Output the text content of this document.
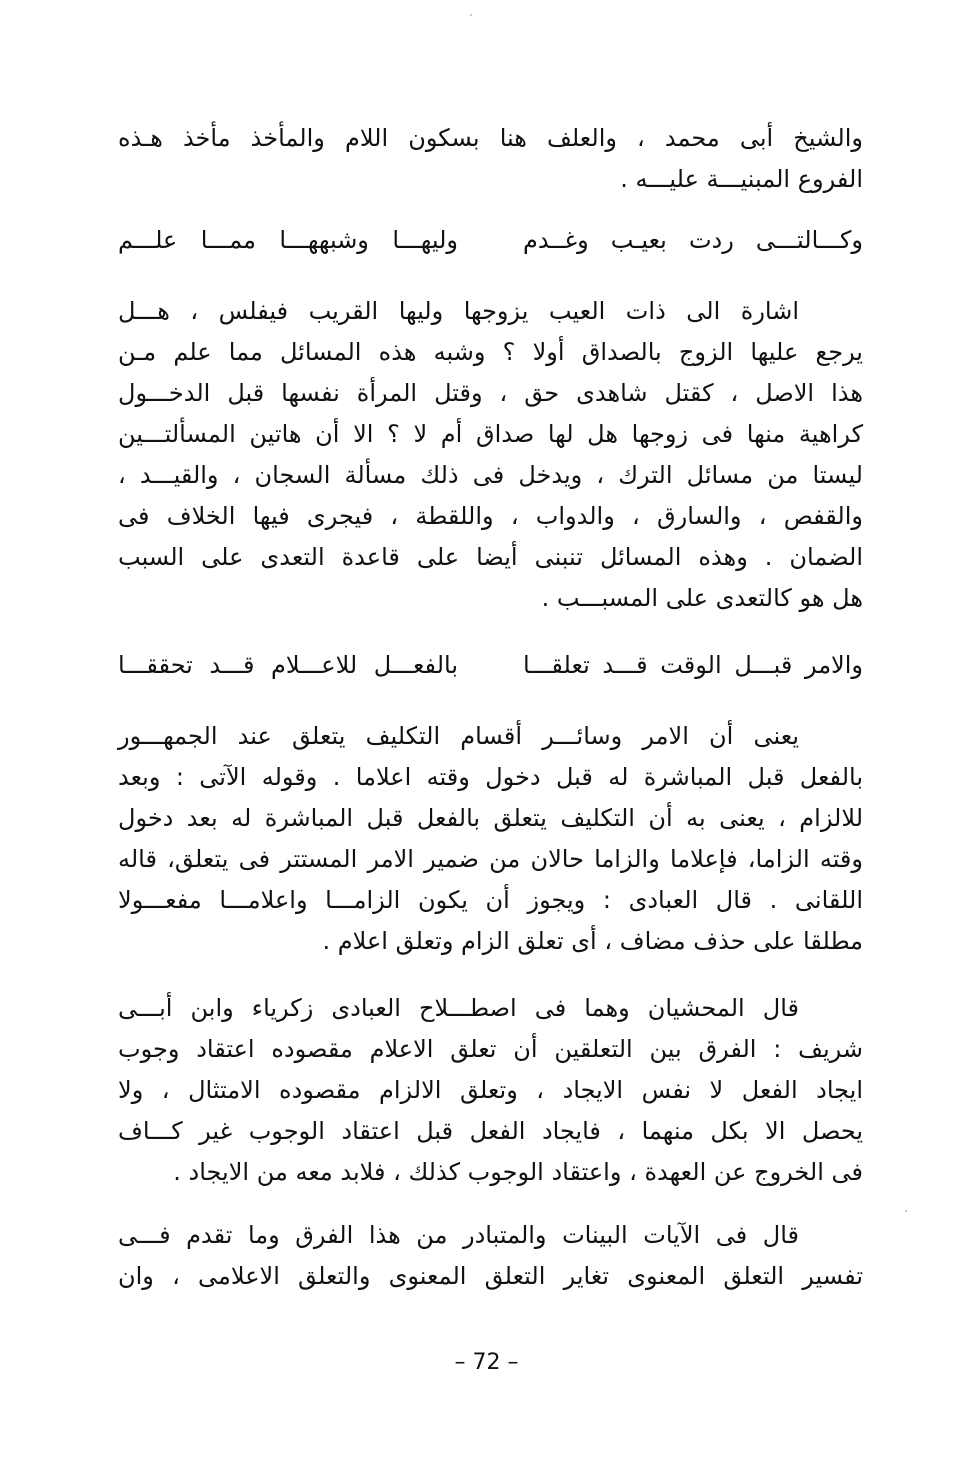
والشيخ أبى محمد ، والعلف هنا بسكون اللام والمأخذ مأخذ هـذه
الفروع المبنيـــة عليـــه .
وكـــالتـــى ردت بعيـب وغــدم
وليهـــا وشبههـــا ممـــا علـــم
اشارة الى ذات العيب يزوجها وليها القريب فيفلس ، هـــل
يرجع عليها الزوج بالصداق أولا ؟ وشبه هذه المسائل مما علم مـن
هذا الاصل ، كقتل شاهدى حق ، وقتل المرأة نفسها قبل الدخـــول
كراهية منها فى زوجها هل لها صداق أم لا ؟ الا أن هاتين المسألتـــين
ليستا من مسائل الترك ، ويدخل فى ذلك مسألة السجان ، والقيـــد ،
والقفص ، والسارق ، والدواب ، واللقطة ، فيجرى فيها الخلاف فى
الضمان . وهذه المسائل تنبنى أيضا على قاعدة التعدى على السبب
هل هو كالتعدى على المسبـــب .
والامر قبـــل الوقت قـــد تعلقـــا
بالفعـــل للاعـــلام قـــد تحققـــا
يعنى أن الامر وسائـــر أقسام التكليف يتعلق عند الجمهـــور
بالفعل قبل المباشرة له قبل دخول وقته اعلاما . وقوله الآتى : وبعد
للالزام ، يعنى به أن التكليف يتعلق بالفعل قبل المباشرة له بعد دخول
وقته الزاما، فإعلاما والزاما حالان من ضمير الامر المستتر فى يتعلق، قاله
اللقانى . قال العبادى : ويجوز أن يكون الزامـــا واعلامـــا مفعـــولا
مطلقا على حذف مضاف ، أى تعلق الزام وتعلق اعلام .
قال المحشيان وهما فى اصطـــلاح العبادى زكرياء وابن أبـــى
شريف : الفرق بين التعلقين أن تعلق الاعلام مقصوده اعتقاد وجوب
ايجاد الفعل لا نفس الايجاد ، وتعلق الالزام مقصوده الامتثال ، ولا
يحصل الا بكل منهما ، فايجاد الفعل قبل اعتقاد الوجوب غير كـــاف
فى الخروج عن العهدة ، واعتقاد الوجوب كذلك ، فلابد معه من الايجاد .
قال فى الآيات البينات والمتبادر من هذا الفرق وما تقدم فـــى
تفسير التعلق المعنوى تغاير التعلق المعنوى والتعلق الاعلامى ، وان
– 72 –
